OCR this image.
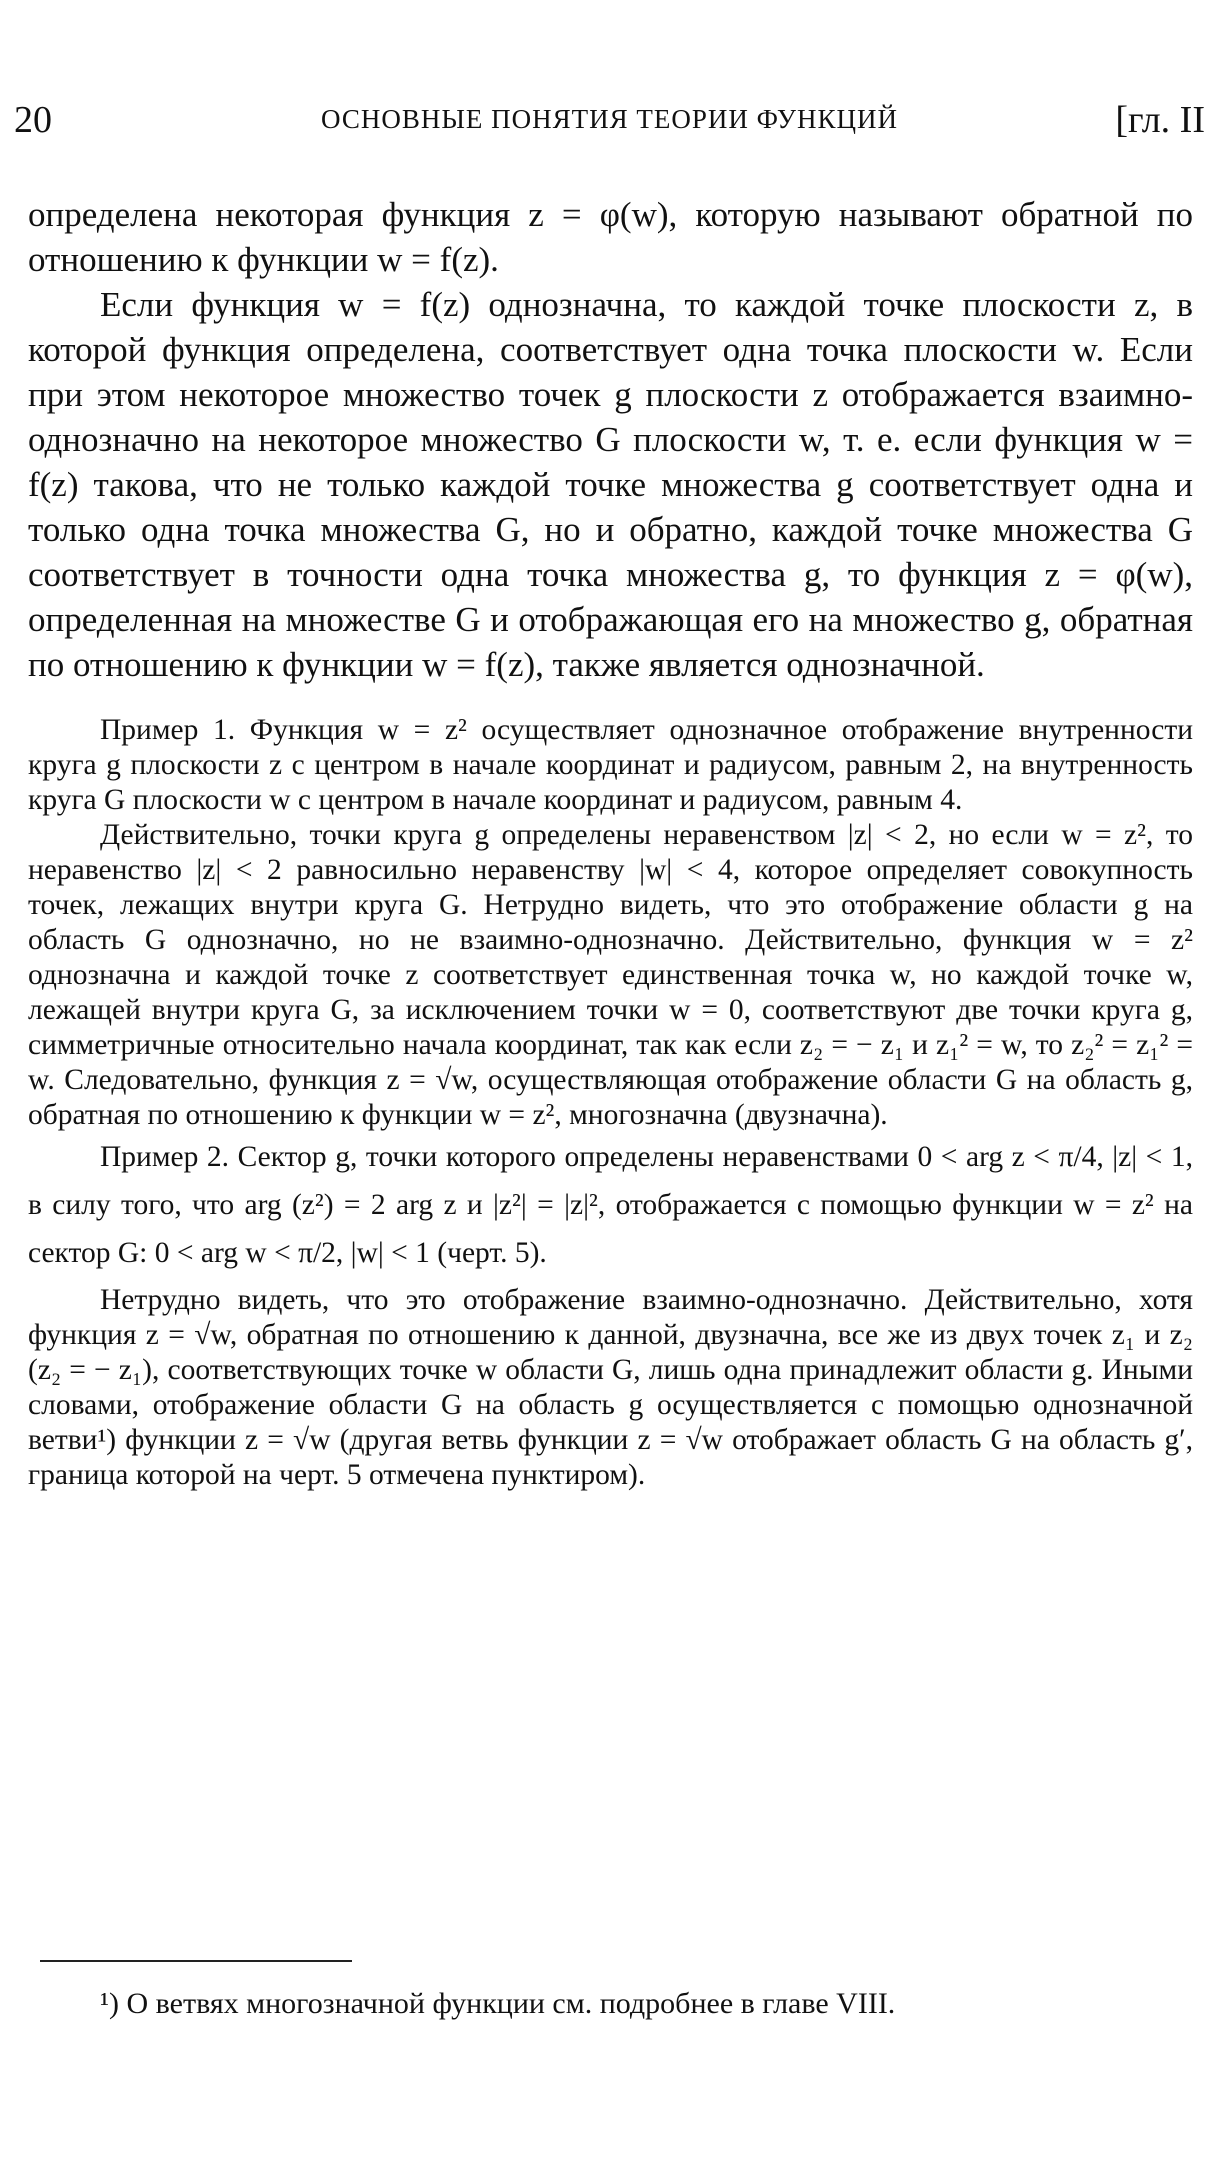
20	ОСНОВНЫЕ ПОНЯТИЯ ТЕОРИИ ФУНКЦИЙ	[гл. II

определена некоторая функция z = φ(w), которую называют обратной по отношению к функции w = f(z).

Если функция w = f(z) однозначна, то каждой точке плоскости z, в которой функция определена, соответствует одна точка плоскости w. Если при этом некоторое множество точек g плоскости z отображается взаимно-однозначно на некоторое множество G плоскости w, т. е. если функция w = f(z) такова, что не только каждой точке множества g соответствует одна и только одна точка множества G, но и обратно, каждой точке множества G соответствует в точности одна точка множества g, то функция z = φ(w), определенная на множестве G и отображающая его на множество g, обратная по отношению к функции w = f(z), также является однозначной.

Пример 1. Функция w = z² осуществляет однозначное отображение внутренности круга g плоскости z с центром в начале координат и радиусом, равным 2, на внутренность круга G плоскости w с центром в начале координат и радиусом, равным 4.

Действительно, точки круга g определены неравенством |z| < 2, но если w = z², то неравенство |z| < 2 равносильно неравенству |w| < 4, которое определяет совокупность точек, лежащих внутри круга G. Нетрудно видеть, что это отображение области g на область G однозначно, но не взаимно-однозначно. Действительно, функция w = z² однозначна и каждой точке z соответствует единственная точка w, но каждой точке w, лежащей внутри круга G, за исключением точки w = 0, соответствуют две точки круга g, симметричные относительно начала координат, так как если z₂ = − z₁ и z₁² = w, то z₂² = z₁² = w. Следовательно, функция z = √w, осуществляющая отображение области G на область g, обратная по отношению к функции w = z², многозначна (двузначна).

Пример 2. Сектор g, точки которого определены неравенствами 0 < arg z < π/4, |z| < 1, в силу того, что arg (z²) = 2 arg z и |z²| = |z|², отображается с помощью функции w = z² на сектор G: 0 < arg w < π/2, |w| < 1 (черт. 5).

Нетрудно видеть, что это отображение взаимно-однозначно. Действительно, хотя функция z = √w, обратная по отношению к данной, двузначна, все же из двух точек z₁ и z₂ (z₂ = − z₁), соответствующих точке w области G, лишь одна принадлежит области g. Иными словами, отображение области G на область g осуществляется с помощью однозначной ветви¹) функции z = √w (другая ветвь функции z = √w отображает область G на область g′, граница которой на черт. 5 отмечена пунктиром).

¹) О ветвях многозначной функции см. подробнее в главе VIII.
